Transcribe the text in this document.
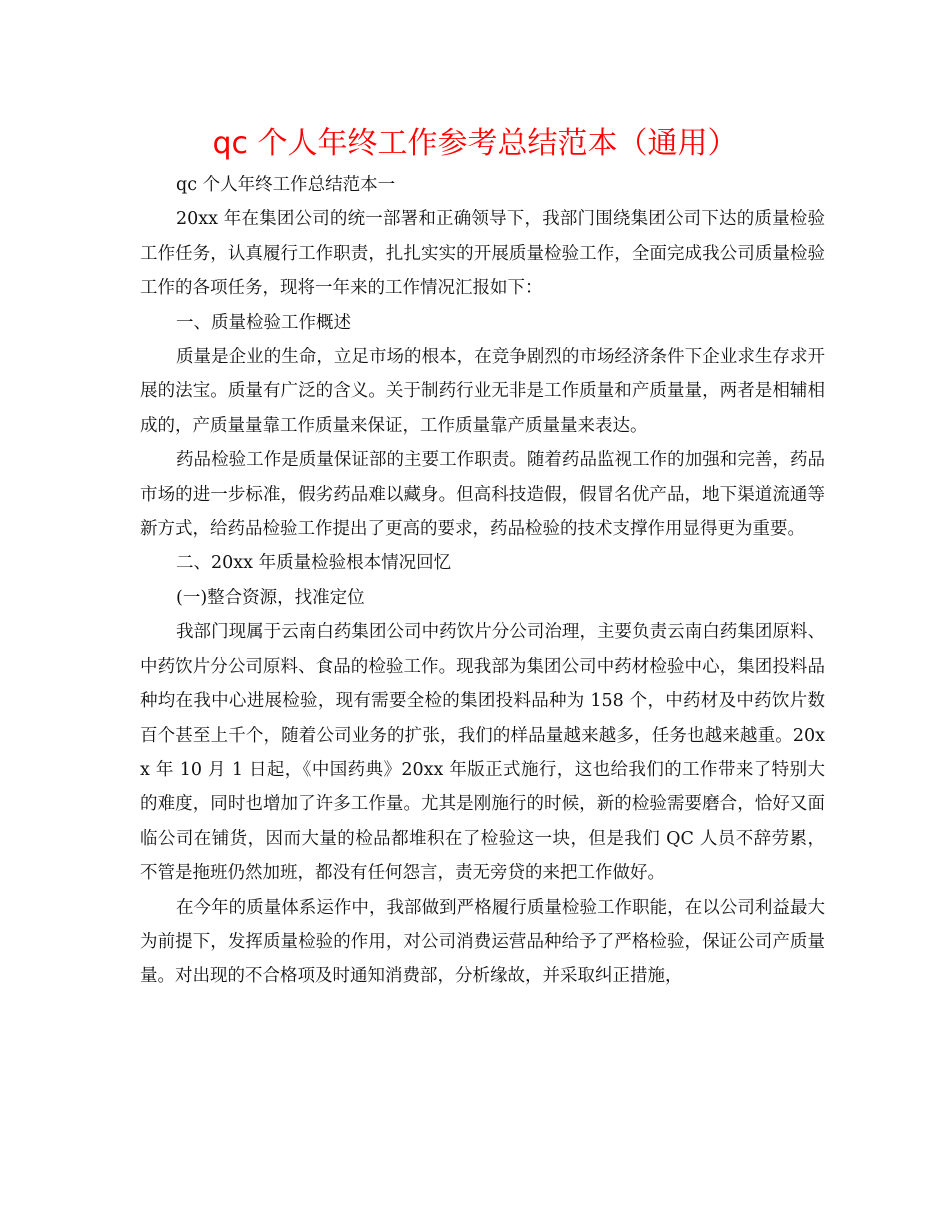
qc 个人年终工作参考总结范本（通用）

qc 个人年终工作总结范本一

20xx 年在集团公司的统一部署和正确领导下，我部门围绕集团公司下达的质量检验工作任务，认真履行工作职责，扎扎实实的开展质量检验工作，全面完成我公司质量检验工作的各项任务，现将一年来的工作情况汇报如下：

一、质量检验工作概述

质量是企业的生命，立足市场的根本，在竞争剧烈的市场经济条件下企业求生存求开展的法宝。质量有广泛的含义。关于制药行业无非是工作质量和产质量量，两者是相辅相成的，产质量量靠工作质量来保证，工作质量靠产质量量来表达。

药品检验工作是质量保证部的主要工作职责。随着药品监视工作的加强和完善，药品市场的进一步标准，假劣药品难以藏身。但高科技造假，假冒名优产品，地下渠道流通等新方式，给药品检验工作提出了更高的要求，药品检验的技术支撑作用显得更为重要。

二、20xx 年质量检验根本情况回忆

(一)整合资源，找准定位

我部门现属于云南白药集团公司中药饮片分公司治理，主要负责云南白药集团原料、中药饮片分公司原料、食品的检验工作。现我部为集团公司中药材检验中心，集团投料品种均在我中心进展检验，现有需要全检的集团投料品种为 158 个，中药材及中药饮片数百个甚至上千个，随着公司业务的扩张，我们的样品量越来越多，任务也越来越重。20xx 年 10 月 1 日起，《中国药典》20xx 年版正式施行，这也给我们的工作带来了特别大的难度，同时也增加了许多工作量。尤其是刚施行的时候，新的检验需要磨合，恰好又面临公司在铺货，因而大量的检品都堆积在了检验这一块，但是我们 QC 人员不辞劳累，不管是拖班仍然加班，都没有任何怨言，责无旁贷的来把工作做好。

在今年的质量体系运作中，我部做到严格履行质量检验工作职能，在以公司利益最大为前提下，发挥质量检验的作用，对公司消费运营品种给予了严格检验，保证公司产质量量。对出现的不合格项及时通知消费部，分析缘故，并采取纠正措施，
